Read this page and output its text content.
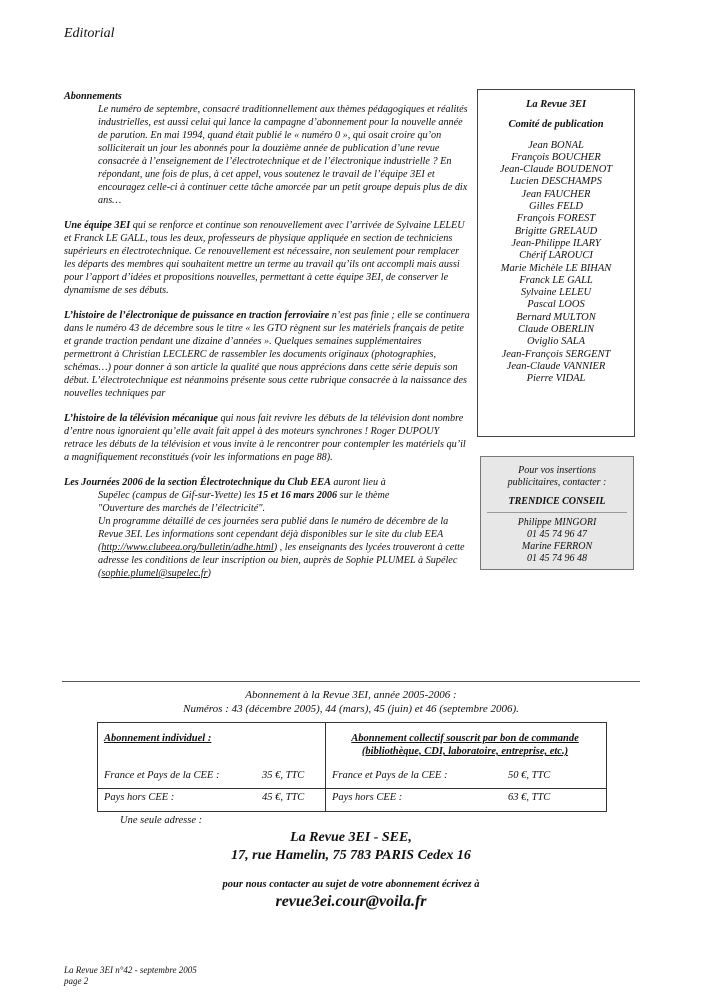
Editorial
Abonnements
Le numéro de septembre, consacré traditionnellement aux thèmes pédagogiques et réalités industrielles, est aussi celui qui lance la campagne d’abonnement pour la nouvelle année de parution. En mai 1994, quand était publié le « numéro 0 », qui osait croire qu’on solliciterait un jour les abonnés pour la douzième année de publication d’une revue consacrée à l’enseignement de l’électrotechnique et de l’électronique industrielle ? En répondant, une fois de plus, à cet appel, vous soutenez le travail de l’équipe 3EI et encouragez celle-ci à continuer cette tâche amorcée par un petit groupe depuis plus de dix ans…
Une équipe 3EI qui se renforce et continue son renouvellement avec l’arrivée de Sylvaine LELEU et Franck LE GALL, tous les deux, professeurs de physique appliquée en section de techniciens supérieurs en électrotechnique. Ce renouvellement est nécessaire, non seulement pour remplacer les départs des membres qui souhaitent mettre un terme au travail qu’ils ont accompli mais aussi pour l’apport d’idées et propositions nouvelles, permettant à cette équipe 3EI, de conserver le dynamisme de ses débuts.
L’histoire de l’électronique de puissance en traction ferroviaire n’est pas finie ; elle se continuera dans le numéro 43 de décembre sous le titre « les GTO règnent sur les matériels français de petite et grande traction pendant une dizaine d’années ». Quelques semaines supplémentaires permettront à Christian LECLERC de rassembler les documents originaux (photographies, schémas…) pour donner à son article la qualité que nous apprécions dans cette série depuis son début. L’électrotechnique est néanmoins présente sous cette rubrique consacrée à la naissance des nouvelles techniques par
L’histoire de la télévision mécanique qui nous fait revivre les débuts de la télévision dont nombre d’entre nous ignoraient qu’elle avait fait appel à des moteurs synchrones ! Roger DUPOUY retrace les débuts de la télévision et vous invite à le rencontrer pour contempler les matériels qu’il a magnifiquement reconstitués (voir les informations en page 88).
Les Journées 2006 de la section Électrotechnique du Club EEA auront lieu à
Supélec (campus de Gif-sur-Yvette) les 15 et 16 mars 2006 sur le thème
"Ouverture des marchés de l’électricité".
Un programme détaillé de ces journées sera publié dans le numéro de décembre de la Revue 3EI. Les informations sont cependant déjà disponibles sur le site du club EEA (http://www.clubeea.org/bulletin/adhe.html) , les enseignants des lycées trouveront à cette adresse les conditions de leur inscription ou bien, auprès de Sophie PLUMEL à Supélec
(sophie.plumel@supelec.fr)
La Revue 3EI
Comité de publication
Jean BONAL
François BOUCHER
Jean-Claude BOUDENOT
Lucien DESCHAMPS
Jean FAUCHER
Gilles FELD
François FOREST
Brigitte GRELAUD
Jean-Philippe ILARY
Chérif LAROUCI
Marie Michèle LE BIHAN
Franck LE GALL
Sylvaine LELEU
Pascal LOOS
Bernard MULTON
Claude OBERLIN
Oviglio SALA
Jean-François SERGENT
Jean-Claude VANNIER
Pierre VIDAL
Pour vos insertions
publicitaires, contacter :
TRENDICE CONSEIL
Philippe MINGORI
01 45 74 96 47
Marine FERRON
01 45 74 96 48
Abonnement à la Revue 3EI, année 2005-2006 :
Numéros : 43 (décembre 2005), 44 (mars), 45 (juin) et 46 (septembre 2006).
Abonnement individuel :
France et Pays de la CEE :	35 €, TTC
Pays hors CEE :	45 €, TTC
Abonnement collectif souscrit par bon de commande
(bibliothèque, CDI, laboratoire, entreprise, etc.)
France et Pays de la CEE :	50 €, TTC
Pays hors CEE :	63 €, TTC
Une seule adresse :
La Revue 3EI - SEE,
17, rue Hamelin, 75 783 PARIS Cedex 16
pour nous contacter au sujet de votre abonnement écrivez à
revue3ei.cour@voila.fr
La Revue 3EI n°42 - septembre 2005
page 2
